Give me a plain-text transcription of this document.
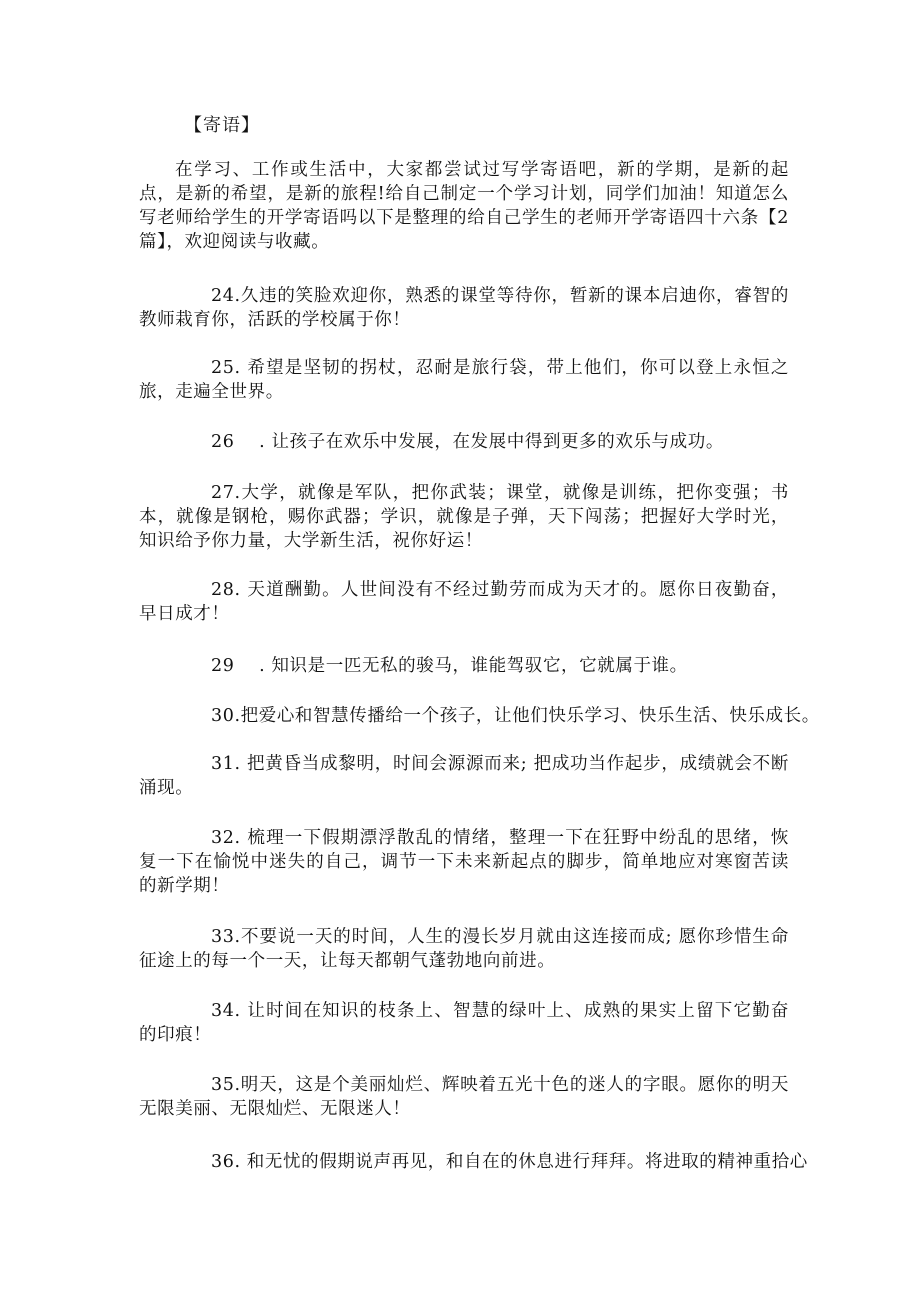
【寄语】

在学习、工作或生活中，大家都尝试过写学寄语吧，新的学期，是新的起点，是新的希望，是新的旅程!给自己制定一个学习计划，同学们加油！知道怎么写老师给学生的开学寄语吗以下是整理的给自己学生的老师开学寄语四十六条【2篇】，欢迎阅读与收藏。

24.久违的笑脸欢迎你，熟悉的课堂等待你，暂新的课本启迪你，睿智的教师栽育你，活跃的学校属于你！

25. 希望是坚韧的拐杖，忍耐是旅行袋，带上他们，你可以登上永恒之旅，走遍全世界。

26    . 让孩子在欢乐中发展，在发展中得到更多的欢乐与成功。

27.大学，就像是军队，把你武装；课堂，就像是训练，把你变强；书本，就像是钢枪，赐你武器；学识，就像是子弹，天下闯荡；把握好大学时光，知识给予你力量，大学新生活，祝你好运！

28. 天道酬勤。人世间没有不经过勤劳而成为天才的。愿你日夜勤奋，早日成才！

29    . 知识是一匹无私的骏马，谁能驾驭它，它就属于谁。

30.把爱心和智慧传播给一个孩子，让他们快乐学习、快乐生活、快乐成长。

31. 把黄昏当成黎明，时间会源源而来; 把成功当作起步，成绩就会不断涌现。

32. 梳理一下假期漂浮散乱的情绪，整理一下在狂野中纷乱的思绪，恢复一下在愉悦中迷失的自己，调节一下未来新起点的脚步，简单地应对寒窗苦读的新学期！

33.不要说一天的时间，人生的漫长岁月就由这连接而成; 愿你珍惜生命征途上的每一个一天，让每天都朝气蓬勃地向前进。

34. 让时间在知识的枝条上、智慧的绿叶上、成熟的果实上留下它勤奋的印痕！

35.明天，这是个美丽灿烂、辉映着五光十色的迷人的字眼。愿你的明天无限美丽、无限灿烂、无限迷人！

36. 和无忧的假期说声再见，和自在的休息进行拜拜。将进取的精神重拾心
